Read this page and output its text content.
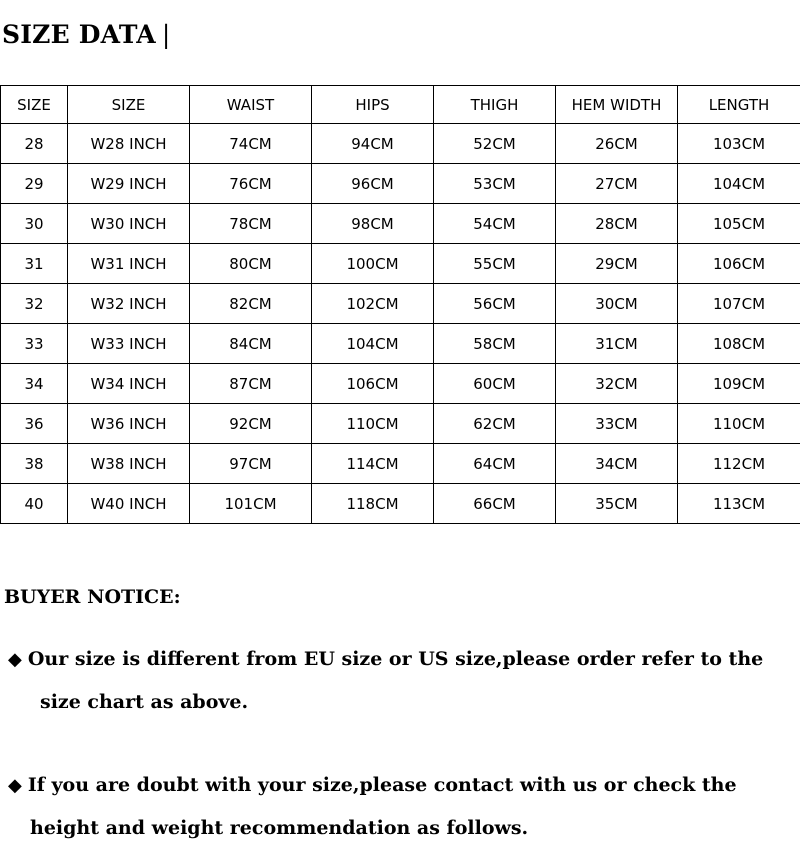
SIZE DATA |
SIZE	SIZE	WAIST	HIPS	THIGH	HEM WIDTH	LENGTH
28	W28 INCH	74CM	94CM	52CM	26CM	103CM
29	W29 INCH	76CM	96CM	53CM	27CM	104CM
30	W30 INCH	78CM	98CM	54CM	28CM	105CM
31	W31 INCH	80CM	100CM	55CM	29CM	106CM
32	W32 INCH	82CM	102CM	56CM	30CM	107CM
33	W33 INCH	84CM	104CM	58CM	31CM	108CM
34	W34 INCH	87CM	106CM	60CM	32CM	109CM
36	W36 INCH	92CM	110CM	62CM	33CM	110CM
38	W38 INCH	97CM	114CM	64CM	34CM	112CM
40	W40 INCH	101CM	118CM	66CM	35CM	113CM
BUYER NOTICE:

◆ Our size is different from EU size or US size,please order refer to the
size chart as above.

◆ If you are doubt with your size,please contact with us or check the
height and weight recommendation as follows.
